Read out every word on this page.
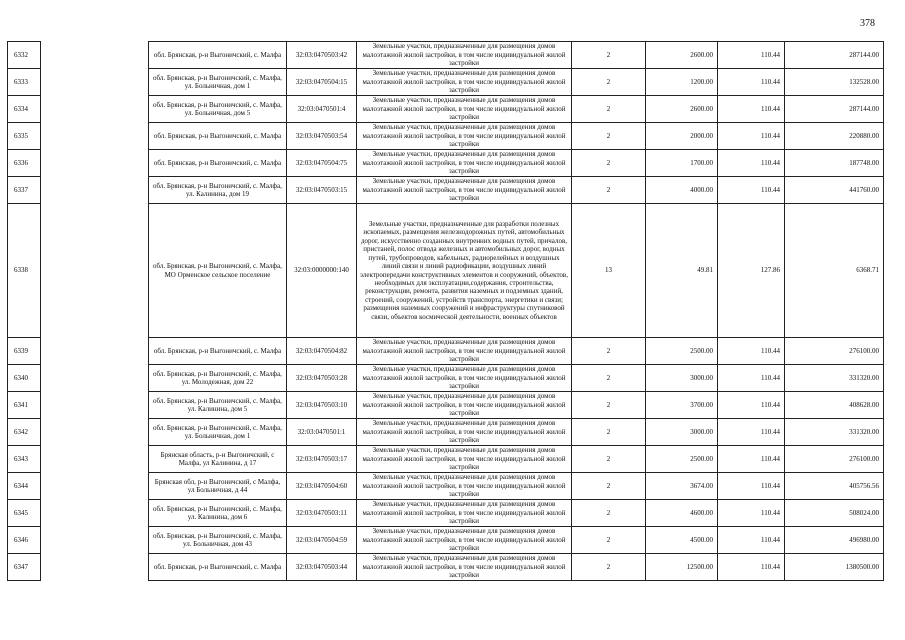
378
6332		обл. Брянская, р-н Выгоничский, с. Малфа	32:03:0470503:42	Земельные участки, предназначенные для размещения домов малоэтажной жилой застройки, в том числе индивидуальной жилой застройки	2	2600.00	110.44	287144.00
6333		обл. Брянская, р-н Выгоничский, с. Малфа, ул. Больничная, дом 1	32:03:0470504:15	Земельные участки, предназначенные для размещения домов малоэтажной жилой застройки, в том числе индивидуальной жилой застройки	2	1200.00	110.44	132528.00
6334		обл. Брянская, р-н Выгоничский, с. Малфа, ул. Больничная, дом 5	32:03:0470501:4	Земельные участки, предназначенные для размещения домов малоэтажной жилой застройки, в том числе индивидуальной жилой застройки	2	2600.00	110.44	287144.00
6335		обл. Брянская, р-н Выгоничский, с. Малфа	32:03:0470503:54	Земельные участки, предназначенные для размещения домов малоэтажной жилой застройки, в том числе индивидуальной жилой застройки	2	2000.00	110.44	220880.00
6336		обл. Брянская, р-н Выгоничский, с. Малфа	32:03:0470504:75	Земельные участки, предназначенные для размещения домов малоэтажной жилой застройки, в том числе индивидуальной жилой застройки	2	1700.00	110.44	187748.00
6337		обл. Брянская, р-н Выгоничский, с. Малфа, ул. Калинина, дом 19	32:03:0470503:15	Земельные участки, предназначенные для размещения домов малоэтажной жилой застройки, в том числе индивидуальной жилой застройки	2	4000.00	110.44	441760.00
6338		обл. Брянская, р-н Выгоничский, с. Малфа, МО Орменское сельское поселение	32:03:0000000:140	Земельные участки, предназначенные для разработки полезных ископаемых, размещения железнодорожных путей, автомобильных дорог, искусственно созданных внутренних водных путей, причалов, пристаней, полос отвода железных и автомобильных дорог, водных путей, трубопроводов, кабельных, радиорелейных и воздушных линий связи и линий радиофикации, воздушных линий электропередачи конструктивных элементов и сооружений, объектов, необходимых для эксплуатации,содержания, строительства, реконструкции, ремонта, развития наземных и подземных зданий, строений, сооружений, устройств транспорта, энергетики и связи; размещения наземных сооружений и инфраструктуры спутниковой связи, объектов космической деятельности, военных объектов	13	49.81	127.86	6368.71
6339		обл. Брянская, р-н Выгоничский, с. Малфа	32:03:0470504:82	Земельные участки, предназначенные для размещения домов малоэтажной жилой застройки, в том числе индивидуальной жилой застройки	2	2500.00	110.44	276100.00
6340		обл. Брянская, р-н Выгоничский, с. Малфа, ул. Молодежная, дом 22	32:03:0470503:28	Земельные участки, предназначенные для размещения домов малоэтажной жилой застройки, в том числе индивидуальной жилой застройки	2	3000.00	110.44	331320.00
6341		обл. Брянская, р-н Выгоничский, с. Малфа, ул. Калинина, дом 5	32:03:0470503:10	Земельные участки, предназначенные для размещения домов малоэтажной жилой застройки, в том числе индивидуальной жилой застройки	2	3700.00	110.44	408628.00
6342		обл. Брянская, р-н Выгоничский, с. Малфа, ул. Больничная, дом 1	32:03:0470501:1	Земельные участки, предназначенные для размещения домов малоэтажной жилой застройки, в том числе индивидуальной жилой застройки	2	3000.00	110.44	331320.00
6343		Брянская область, р-н Выгоничский, с Малфа, ул Калинина, д 17	32:03:0470503:17	Земельные участки, предназначенные для размещения домов малоэтажной жилой застройки, в том числе индивидуальной жилой застройки	2	2500.00	110.44	276100.00
6344		Брянская обл, р-н Выгоничский, с Малфа, ул Больничная, д 44	32:03:0470504:60	Земельные участки, предназначенные для размещения домов малоэтажной жилой застройки, в том числе индивидуальной жилой застройки	2	3674.00	110.44	405756.56
6345		обл. Брянская, р-н Выгоничский, с. Малфа, ул. Калинина, дом 6	32:03:0470503:11	Земельные участки, предназначенные для размещения домов малоэтажной жилой застройки, в том числе индивидуальной жилой застройки	2	4600.00	110.44	508024.00
6346		обл. Брянская, р-н Выгоничский, с. Малфа, ул. Больничная, дом 43	32:03:0470504:59	Земельные участки, предназначенные для размещения домов малоэтажной жилой застройки, в том числе индивидуальной жилой застройки	2	4500.00	110.44	496980.00
6347		обл. Брянская, р-н Выгоничский, с. Малфа	32:03:0470503:44	Земельные участки, предназначенные для размещения домов малоэтажной жилой застройки, в том числе индивидуальной жилой застройки	2	12500.00	110.44	1380500.00
